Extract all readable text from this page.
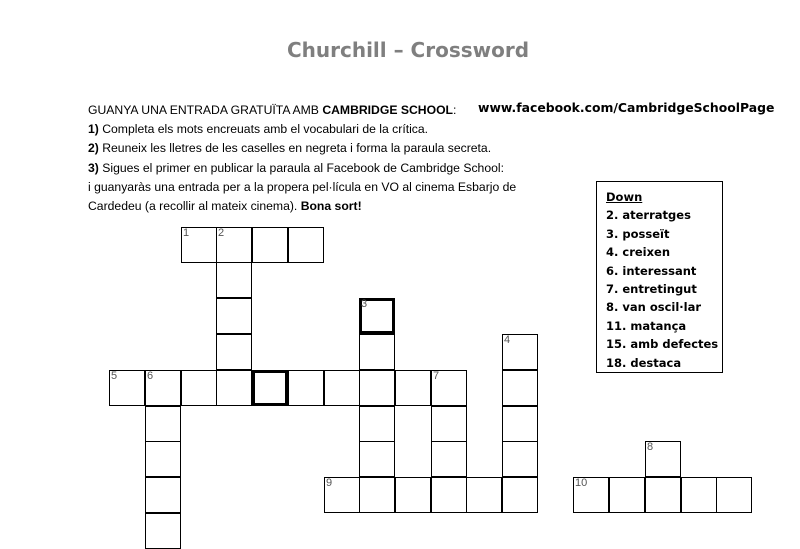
Churchill – Crossword

GUANYA UNA ENTRADA GRATUÏTA AMB CAMBRIDGE SCHOOL:

1) Completa els mots encreuats amb el vocabulari de la crítica.

2) Reuneix les lletres de les caselles en negreta i forma la paraula secreta.

3) Sigues el primer en publicar la paraula al Facebook de Cambridge School:

i guanyaràs una entrada per a la propera pel·lícula en VO al cinema Esbarjo de Cardedeu (a recollir al mateix cinema). Bona sort!

www.facebook.com/CambridgeSchoolPage
Down
2. aterratges
3. posseït
4. creixen
6. interessant
7. entretingut
8. van oscil·lar
11. matança
15. amb defectes
18. destaca
1	2
3
4
5	6	7
9
8
10
